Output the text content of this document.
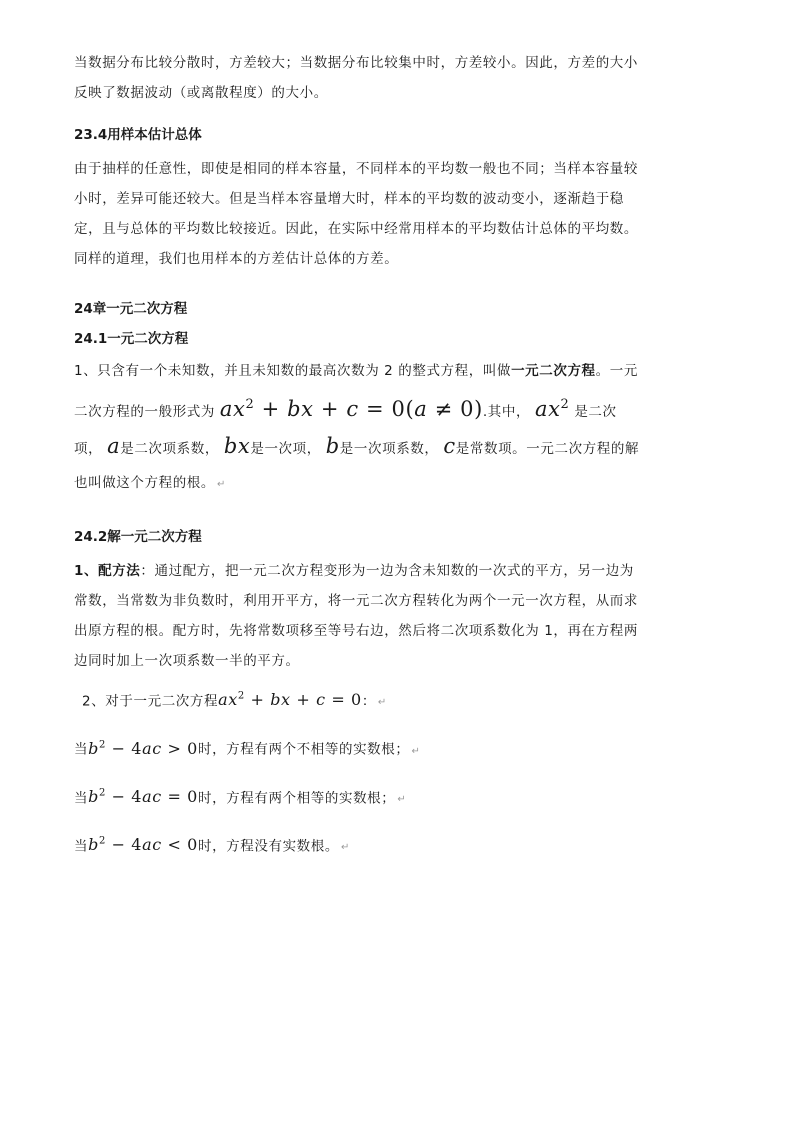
当数据分布比较分散时，方差较大；当数据分布比较集中时，方差较小。因此，方差的大小反映了数据波动（或离散程度）的大小。

23.4用样本估计总体

由于抽样的任意性，即使是相同的样本容量，不同样本的平均数一般也不同；当样本容量较小时，差异可能还较大。但是当样本容量增大时，样本的平均数的波动变小，逐渐趋于稳定，且与总体的平均数比较接近。因此，在实际中经常用样本的平均数估计总体的平均数。同样的道理，我们也用样本的方差估计总体的方差。

24章一元二次方程
24.1一元二次方程

1、只含有一个未知数，并且未知数的最高次数为 2 的整式方程，叫做一元二次方程。一元二次方程的一般形式为 $ax^2$ + bx + c = 0(a ≠ 0).其中， $ax^2$ 是二次项， a是二次项系数， bx是一次项， b是一次项系数， c是常数项。一元二次方程的解也叫做这个方程的根。 ↵

24.2解一元二次方程

1、配方法：通过配方，把一元二次方程变形为一边为含未知数的一次式的平方，另一边为常数，当常数为非负数时，利用开平方，将一元二次方程转化为两个一元一次方程，从而求出原方程的根。配方时，先将常数项移至等号右边，然后将二次项系数化为 1，再在方程两边同时加上一次项系数一半的平方。

2、对于一元二次方程$ax^2$ + bx + c = 0： ↵

当$b^2 - 4ac > 0$时，方程有两个不相等的实数根； ↵

当$b^2 - 4ac = 0$时，方程有两个相等的实数根； ↵

当$b^2 - 4ac < 0$时，方程没有实数根。 ↵
